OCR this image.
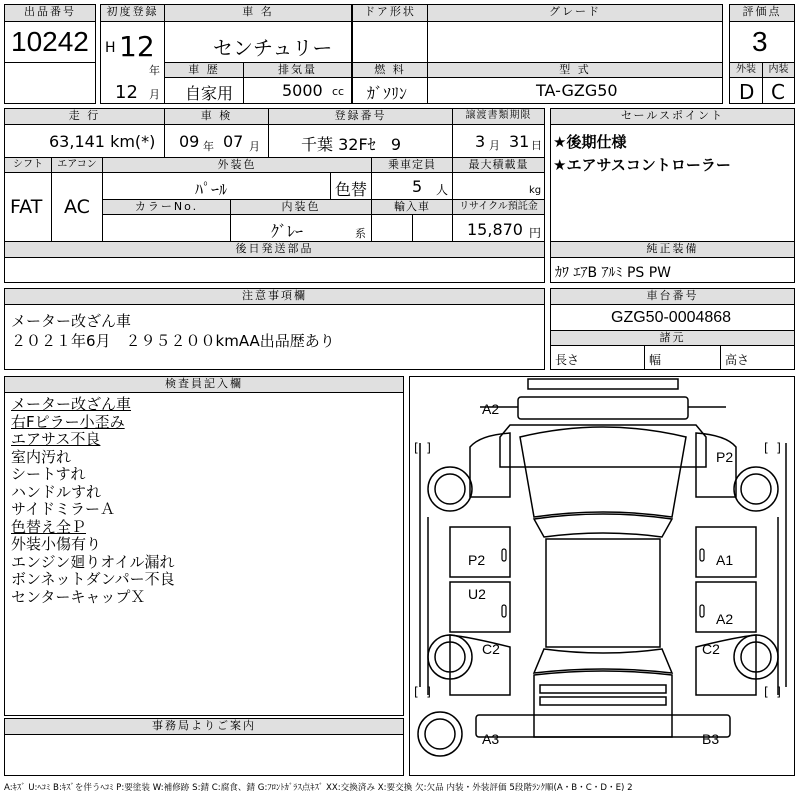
出品番号
10242
初度登録
H 12
年
12 月
車 名
センチュリー
ドア形状	グレード
車 歴
自家用
排気量
5000 cc
燃 料
ｶﾞｿﾘﾝ
型 式
TA-GZG50
評価点
3
外装	内装
D C
走 行
63,141 km(*)
車 検
09 年 07 月
登録番号
千葉 32Fｾ   9
譲渡書類期限
3 月 31 日
シフト	エアコン
FAT AC
外装色
ﾊﾟｰﾙ	色替
乗車定員
5 人
最大積載量
kg
カラーNo.	内装色
ｸﾞﾚｰ	系
輸入車	リサイクル預託金
15,870 円
後日発送部品
セールスポイント
★後期仕様
★エアサスコントローラー
純正装備
ｶﾜ ｴｱB ｱﾙﾐ PS PW
注意事項欄
メーター改ざん車
２０２１年6月　２９５２００kmAA出品歴あり
車台番号
GZG50-0004868
諸元
長さ	幅	高さ
検査員記入欄
メーター改ざん車
右Fピラー小歪み
エアサス不良
室内汚れ
シートすれ
ハンドルすれ
サイドミラーＡ
色替え全Ｐ
外装小傷有り
エンジン廻りオイル漏れ
ボンネットダンパー不良
センターキャップＸ
事務局よりご案内
[  ]	[  ]
[  ]	[  ]
A2
P2
P2	A1
U2
A2
C2	C2
A3	B3
A:ｷｽﾞ U:ﾍｺﾐ B:ｷｽﾞを伴うﾍｺﾐ P:要塗装 W:補修跡 S:錆 C:腐食、錆 G:ﾌﾛﾝﾄｶﾞﾗｽ点ｷｽﾞ XX:交換済み X:要交換 欠:欠品 内装・外装評価 5段階ﾗﾝｸ順(A・B・C・D・E) 2
